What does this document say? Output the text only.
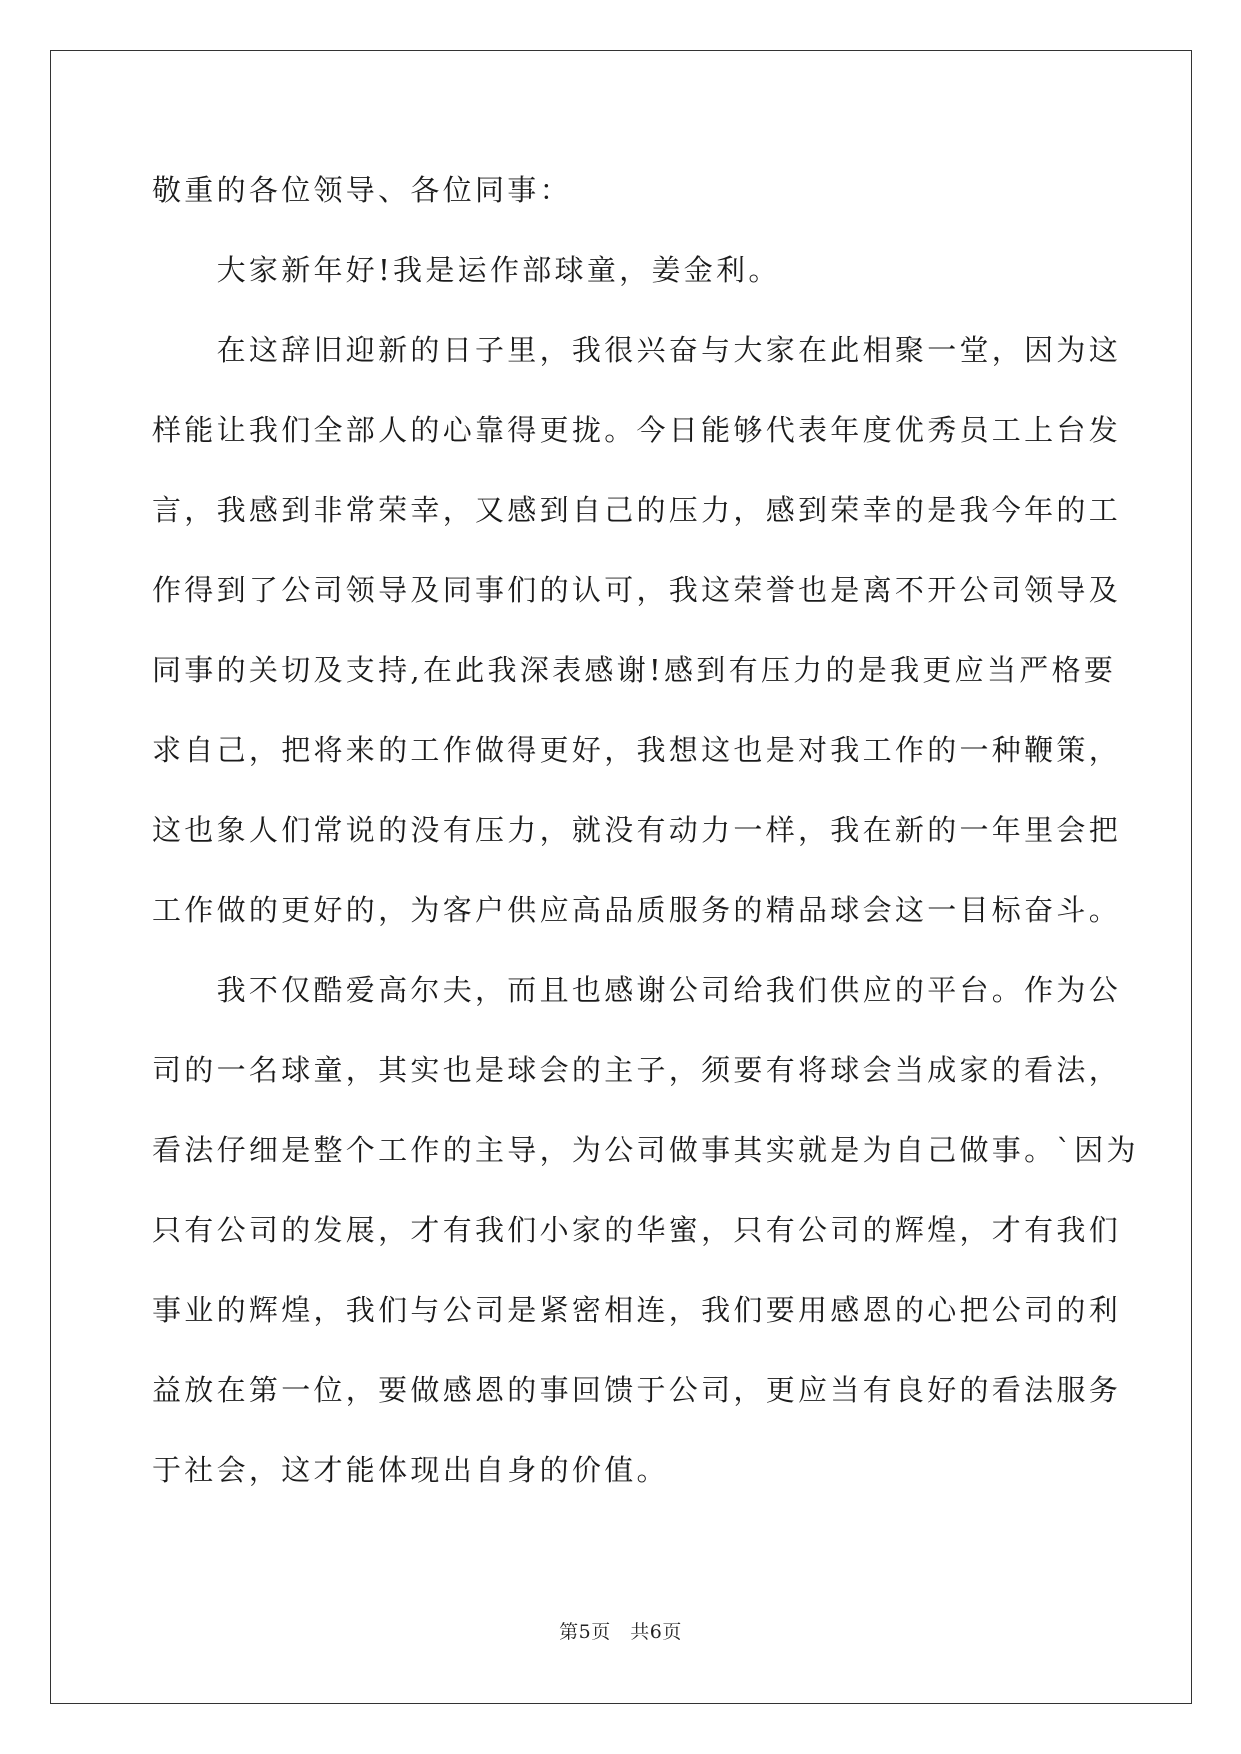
敬重的各位领导、各位同事：
　　大家新年好!我是运作部球童，姜金利。
　　在这辞旧迎新的日子里，我很兴奋与大家在此相聚一堂，因为这
样能让我们全部人的心靠得更拢。今日能够代表年度优秀员工上台发
言，我感到非常荣幸，又感到自己的压力，感到荣幸的是我今年的工
作得到了公司领导及同事们的认可，我这荣誉也是离不开公司领导及
同事的关切及支持,在此我深表感谢!感到有压力的是我更应当严格要
求自己，把将来的工作做得更好，我想这也是对我工作的一种鞭策，
这也象人们常说的没有压力，就没有动力一样，我在新的一年里会把
工作做的更好的，为客户供应高品质服务的精品球会这一目标奋斗。
　　我不仅酷爱高尔夫，而且也感谢公司给我们供应的平台。作为公
司的一名球童，其实也是球会的主子，须要有将球会当成家的看法，
看法仔细是整个工作的主导，为公司做事其实就是为自己做事。`因为
只有公司的发展，才有我们小家的华蜜，只有公司的辉煌，才有我们
事业的辉煌，我们与公司是紧密相连，我们要用感恩的心把公司的利
益放在第一位，要做感恩的事回馈于公司，更应当有良好的看法服务
于社会，这才能体现出自身的价值。
第5页　共6页
